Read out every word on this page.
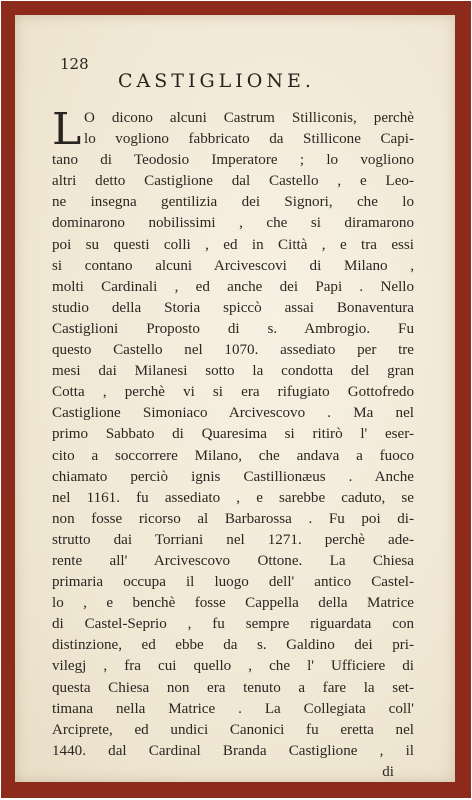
128
CASTIGLIONE.
L O dicono alcuni Castrum Stilliconis, perchè
lo vogliono fabbricato da Stillicone Capi-
tano di Teodosio Imperatore ; lo vogliono
altri detto Castiglione dal Castello , e Leo-
ne insegna gentilizia dei Signori, che lo
dominarono nobilissimi , che si diramarono
poi su questi colli , ed in Città , e tra essi
si contano alcuni Arcivescovi di Milano ,
molti Cardinali , ed anche dei Papi . Nello
studio della Storia spiccò assai Bonaventura
Castiglioni Proposto di s. Ambrogio. Fu
questo Castello nel 1070. assediato per tre
mesi dai Milanesi sotto la condotta del gran
Cotta , perchè vi si era rifugiato Gottofredo
Castiglione Simoniaco Arcivescovo . Ma nel
primo Sabbato di Quaresima si ritirò l' eser-
cito a soccorrere Milano, che andava a fuoco
chiamato perciò ignis Castillionæus . Anche
nel 1161. fu assediato , e sarebbe caduto, se
non fosse ricorso al Barbarossa . Fu poi di-
strutto dai Torriani nel 1271. perchè ade-
rente all' Arcivescovo Ottone. La Chiesa
primaria occupa il luogo dell' antico Castel-
lo , e benchè fosse Cappella della Matrice
di Castel-Seprio , fu sempre riguardata con
distinzione, ed ebbe da s. Galdino dei pri-
vilegj , fra cui quello , che l' Ufficiere di
questa Chiesa non era tenuto a fare la set-
timana nella Matrice . La Collegiata coll'
Arciprete, ed undici Canonici fu eretta nel
1440. dal Cardinal Branda Castiglione , il
di
